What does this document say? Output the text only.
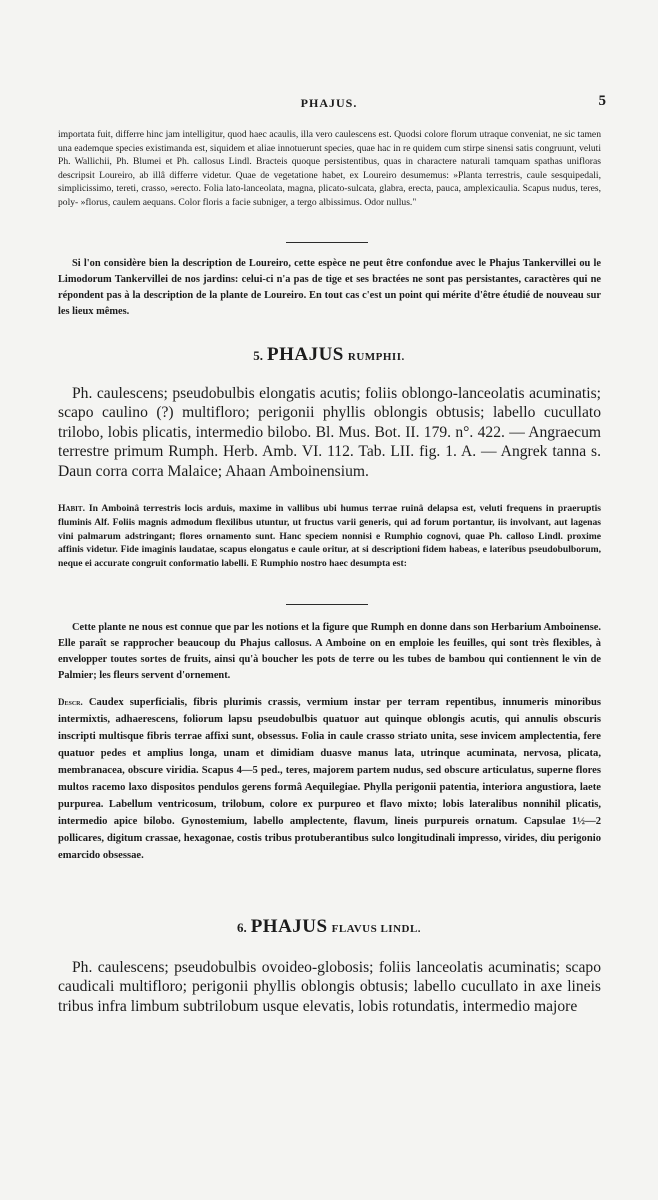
PHAJUS.	5

importata fuit, differre hinc jam intelligitur, quod haec acaulis, illa vero caulescens est. Quodsi colore florum utraque conveniat, ne sic tamen una eademque species existimanda est, siquidem et aliae innotuerunt species, quae hac in re quidem cum stirpe sinensi satis congruunt, veluti Ph. Wallichii, Ph. Blumei et Ph. callosus Lindl. Bracteis quoque persistentibus, quas in charactere naturali tamquam spathas unifloras descripsit Loureiro, ab illâ differre videtur. Quae de vegetatione habet, ex Loureiro desumemus: »Planta terrestris, caule sesquipedali, simplicissimo, tereti, crasso, »erecto. Folia lato-lanceolata, magna, plicato-sulcata, glabra, erecta, pauca, amplexicaulia. Scapus nudus, teres, poly- »florus, caulem aequans. Color floris a facie subniger, a tergo albissimus. Odor nullus."

Si l'on considère bien la description de Loureiro, cette espèce ne peut être confondue avec le Phajus Tankervillei ou le Limodorum Tankervillei de nos jardins: celui-ci n'a pas de tige et ses bractées ne sont pas persistantes, caractères qui ne répondent pas à la description de la plante de Loureiro. En tout cas c'est un point qui mérite d'être étudié de nouveau sur les lieux mêmes.

5. PHAJUS RUMPHII.

Ph. caulescens; pseudobulbis elongatis acutis; foliis oblongo-lanceolatis acuminatis; scapo caulino (?) multifloro; perigonii phyllis oblongis obtusis; labello cucullato trilobo, lobis plicatis, intermedio bilobo. Bl. Mus. Bot. II. 179. n°. 422. — Angraecum terrestre primum Rumph. Herb. Amb. VI. 112. Tab. LII. fig. 1. A. — Angrek tanna s. Daun corra corra Malaice; Ahaan Amboinensium.

Habit. In Amboinâ terrestris locis arduis, maxime in vallibus ubi humus terrae ruinâ delapsa est, veluti frequens in praeruptis fluminis Alf. Foliis magnis admodum flexilibus utuntur, ut fructus varii generis, qui ad forum portantur, iis involvant, aut lagenas vini palmarum adstringant; flores ornamento sunt. Hanc speciem nonnisi e Rumphio cognovi, quae Ph. calloso Lindl. proxime affinis videtur. Fide imaginis laudatae, scapus elongatus e caule oritur, at si descriptioni fidem habeas, e lateribus pseudobulborum, neque ei accurate congruit conformatio labelli. E Rumphio nostro haec desumpta est:

Cette plante ne nous est connue que par les notions et la figure que Rumph en donne dans son Herbarium Amboinense. Elle paraît se rapprocher beaucoup du Phajus callosus. A Amboine on en emploie les feuilles, qui sont très flexibles, à envelopper toutes sortes de fruits, ainsi qu'à boucher les pots de terre ou les tubes de bambou qui contiennent le vin de Palmier; les fleurs servent d'ornement.

Descr. Caudex superficialis, fibris plurimis crassis, vermium instar per terram repentibus, innumeris minoribus intermixtis, adhaerescens, foliorum lapsu pseudobulbis quatuor aut quinque oblongis acutis, qui annulis obscuris inscripti multisque fibris terrae affixi sunt, obsessus. Folia in caule crasso striato unita, sese invicem amplectentia, fere quatuor pedes et amplius longa, unam et dimidiam duasve manus lata, utrinque acuminata, nervosa, plicata, membranacea, obscure viridia. Scapus 4—5 ped., teres, majorem partem nudus, sed obscure articulatus, superne flores multos racemo laxo dispositos pendulos gerens formâ Aequilegiae. Phylla perigonii patentia, interiora angustiora, laete purpurea. Labellum ventricosum, trilobum, colore ex purpureo et flavo mixto; lobis lateralibus nonnihil plicatis, intermedio apice bilobo. Gynostemium, labello amplectente, flavum, lineis purpureis ornatum. Capsulae 1½—2 pollicares, digitum crassae, hexagonae, costis tribus protuberantibus sulco longitudinali impresso, virides, diu perigonio emarcido obsessae.

6. PHAJUS FLAVUS LINDL.

Ph. caulescens; pseudobulbis ovoideo-globosis; foliis lanceolatis acuminatis; scapo caudicali multifloro; perigonii phyllis oblongis obtusis; labello cucullato in axe lineis tribus infra limbum subtrilobum usque elevatis, lobis rotundatis, intermedio majore
